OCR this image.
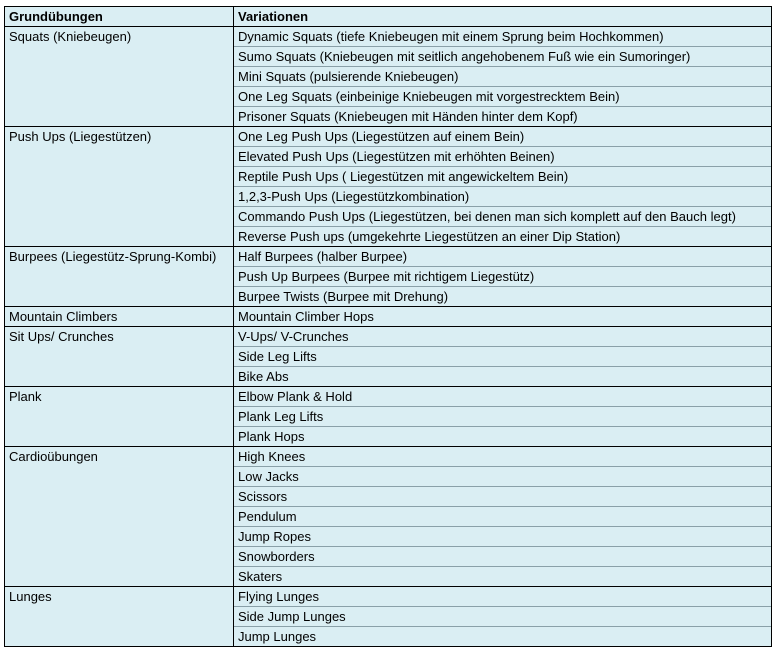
Grundübungen
Squats (Kniebeugen)
Push Ups (Liegestützen)
Burpees (Liegestütz-Sprung-Kombi)
Mountain Climbers
Sit Ups/ Crunches
Plank
Cardioübungen
Lunges
Variationen
Dynamic Squats (tiefe Kniebeugen mit einem Sprung beim Hochkommen)
Sumo Squats (Kniebeugen mit seitlich angehobenem Fuß wie ein Sumoringer)
Mini Squats (pulsierende Kniebeugen)
One Leg Squats (einbeinige Kniebeugen mit vorgestrecktem Bein)
Prisoner Squats (Kniebeugen mit Händen hinter dem Kopf)
One Leg Push Ups (Liegestützen auf einem Bein)
Elevated Push Ups (Liegestützen mit erhöhten Beinen)
Reptile Push Ups ( Liegestützen mit angewickeltem Bein)
1,2,3-Push Ups (Liegestützkombination)
Commando Push Ups (Liegestützen, bei denen man sich komplett auf den Bauch legt)
Reverse Push ups (umgekehrte Liegestützen an einer Dip Station)
Half Burpees (halber Burpee)
Push Up Burpees (Burpee mit richtigem Liegestütz)
Burpee Twists (Burpee mit Drehung)
Mountain Climber Hops
V-Ups/ V-Crunches
Side Leg Lifts
Bike Abs
Elbow Plank & Hold
Plank Leg Lifts
Plank Hops
High Knees
Low Jacks
Scissors
Pendulum
Jump Ropes
Snowborders
Skaters
Flying Lunges
Side Jump Lunges
Jump Lunges
